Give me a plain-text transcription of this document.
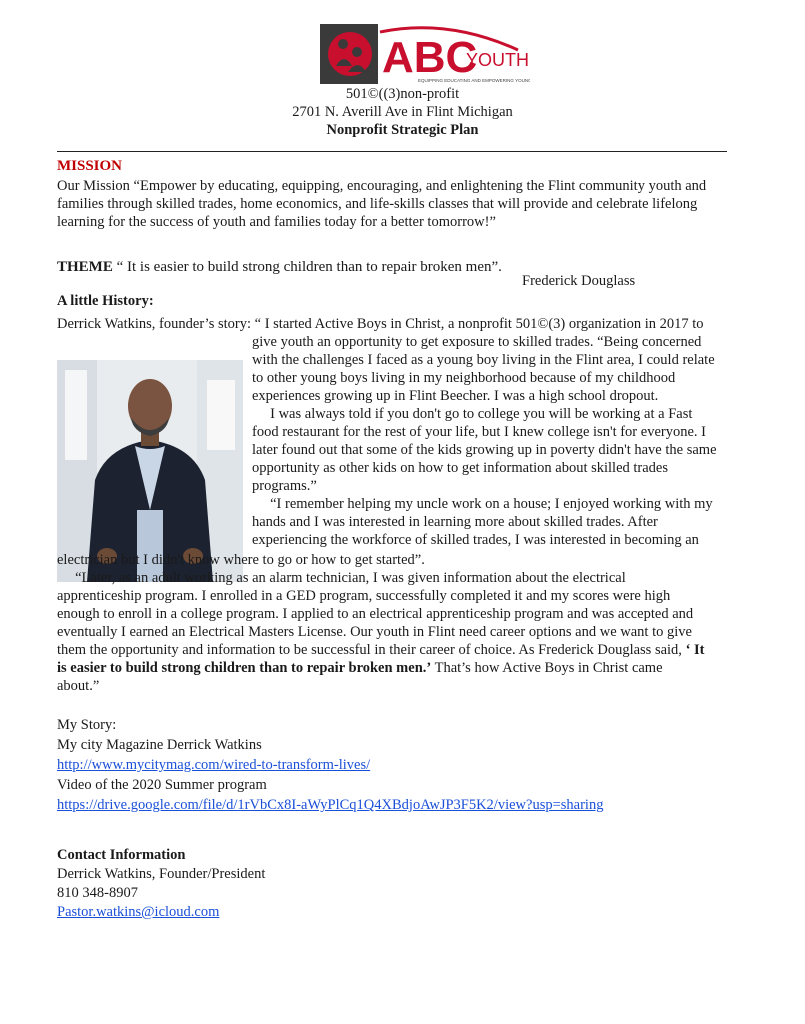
ABC
YOUTH
EQUIPPING EDUCATING AND EMPOWERING YOUNG
501©((3)non-profit
2701 N. Averill Ave in Flint Michigan
Nonprofit Strategic Plan
MISSION
Our Mission “Empower by educating, equipping, encouraging, and enlightening the Flint community youth and
families through skilled trades, home economics, and life-skills classes that will provide and celebrate lifelong
learning for the success of youth and families today for a better tomorrow!”
THEME “ It is easier to build strong children than to repair broken men”.
Frederick Douglass
A little History:
Derrick Watkins, founder’s story: “ I started Active Boys in Christ, a nonprofit 501©(3) organization in 2017 to
give youth an opportunity to get exposure to skilled trades. “Being concerned
with the challenges I faced as a young boy living in the Flint area, I could relate
to other young boys living in my neighborhood because of my childhood
experiences growing up in Flint Beecher. I was a high school dropout.
I was always told if you don't go to college you will be working at a Fast
food restaurant for the rest of your life, but I knew college isn't for everyone. I
later found out that some of the kids growing up in poverty didn't have the same
opportunity as other kids on how to get information about skilled trades
programs.”
“I remember helping my uncle work on a house; I enjoyed working with my
hands and I was interested in learning more about skilled trades. After
experiencing the workforce of skilled trades, I was interested in becoming an
electrician but I didn't know where to go or how to get started”.
“Later, as an adult working as an alarm technician, I was given information about the electrical
apprenticeship program. I enrolled in a GED program, successfully completed it and my scores were high
enough to enroll in a college program. I applied to an electrical apprenticeship program and was accepted and
eventually I earned an Electrical Masters License. Our youth in Flint need career options and we want to give
them the opportunity and information to be successful in their career of choice. As Frederick Douglass said, ‘ It
is easier to build strong children than to repair broken men.’ That’s how Active Boys in Christ came
about.”
My Story:
My city Magazine Derrick Watkins
http://www.mycitymag.com/wired-to-transform-lives/
Video of the 2020 Summer program
https://drive.google.com/file/d/1rVbCx8I-aWyPlCq1Q4XBdjoAwJP3F5K2/view?usp=sharing
Contact Information
Derrick Watkins, Founder/President
810 348-8907
Pastor.watkins@icloud.com
